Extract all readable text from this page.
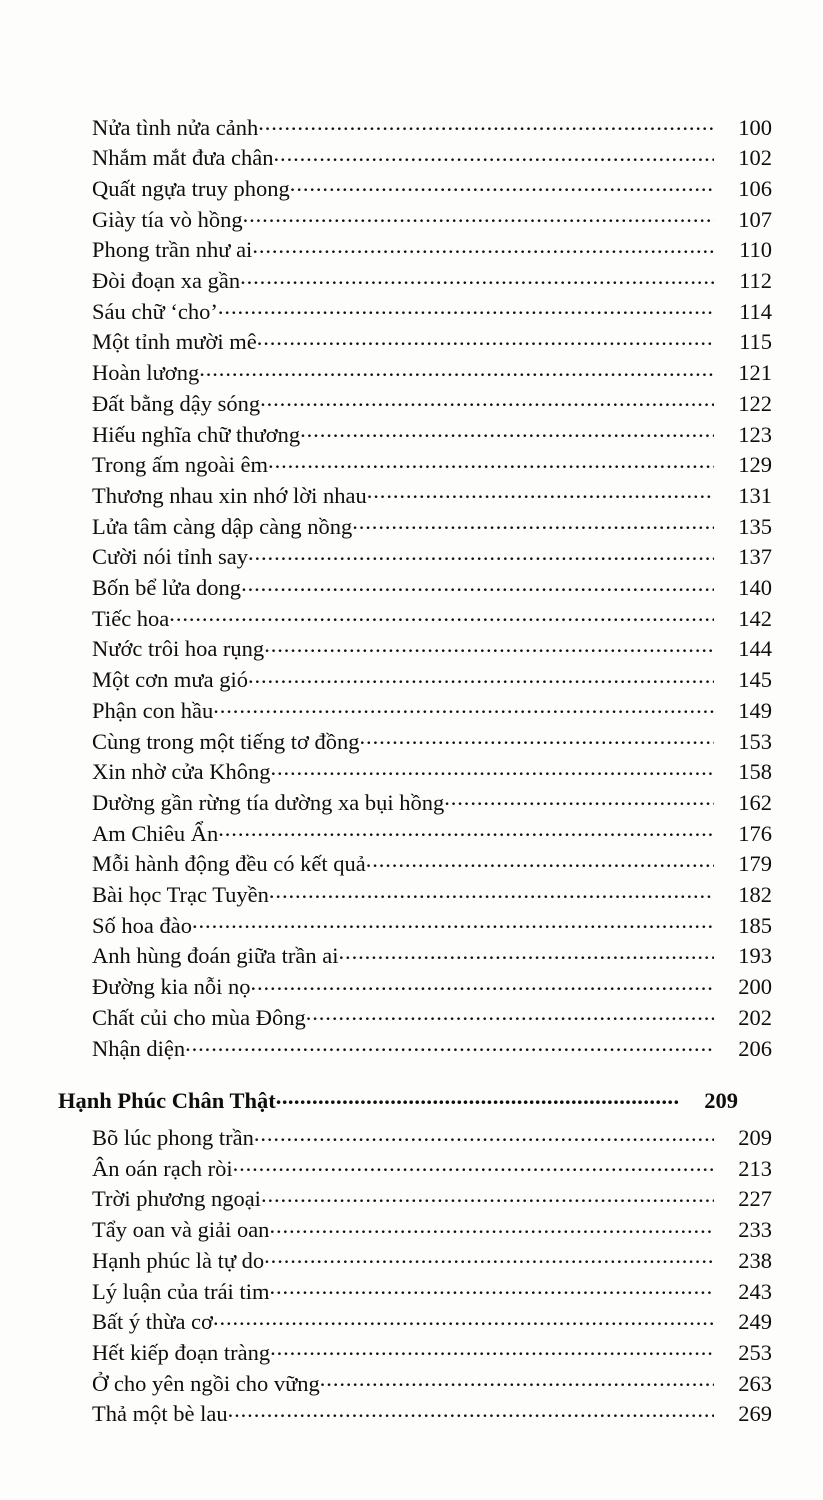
Nửa tình nửa cảnh .....	100
Nhắm mắt đưa chân .....	102
Quất ngựa truy phong .....	106
Giày tía vò hồng .....	107
Phong trần như ai .....	110
Đòi đoạn xa gần .....	112
Sáu chữ ‘cho’ .....	114
Một tỉnh mười mê .....	115
Hoàn lương .....	121
Đất bằng dậy sóng .....	122
Hiếu nghĩa chữ thương .....	123
Trong ấm ngoài êm .....	129
Thương nhau xin nhớ lời nhau .....	131
Lửa tâm càng dập càng nồng .....	135
Cười nói tỉnh say .....	137
Bốn bể lửa dong .....	140
Tiếc hoa .....	142
Nước trôi hoa rụng .....	144
Một cơn mưa gió .....	145
Phận con hầu .....	149
Cùng trong một tiếng tơ đồng .....	153
Xin nhờ cửa Không .....	158
Dường gần rừng tía dường xa bụi hồng .....	162
Am Chiêu Ẩn .....	176
Mỗi hành động đều có kết quả .....	179
Bài học Trạc Tuyền .....	182
Số hoa đào .....	185
Anh hùng đoán giữa trần ai .....	193
Đường kia nỗi nọ .....	200
Chất củi cho mùa Đông .....	202
Nhận diện .....	206
Hạnh Phúc Chân Thật .....	209
Bõ lúc phong trần .....	209
Ân oán rạch ròi .....	213
Trời phương ngoại .....	227
Tẩy oan và giải oan .....	233
Hạnh phúc là tự do .....	238
Lý luận của trái tim .....	243
Bất ý thừa cơ .....	249
Hết kiếp đoạn tràng .....	253
Ở cho yên ngồi cho vững .....	263
Thả một bè lau .....	269
